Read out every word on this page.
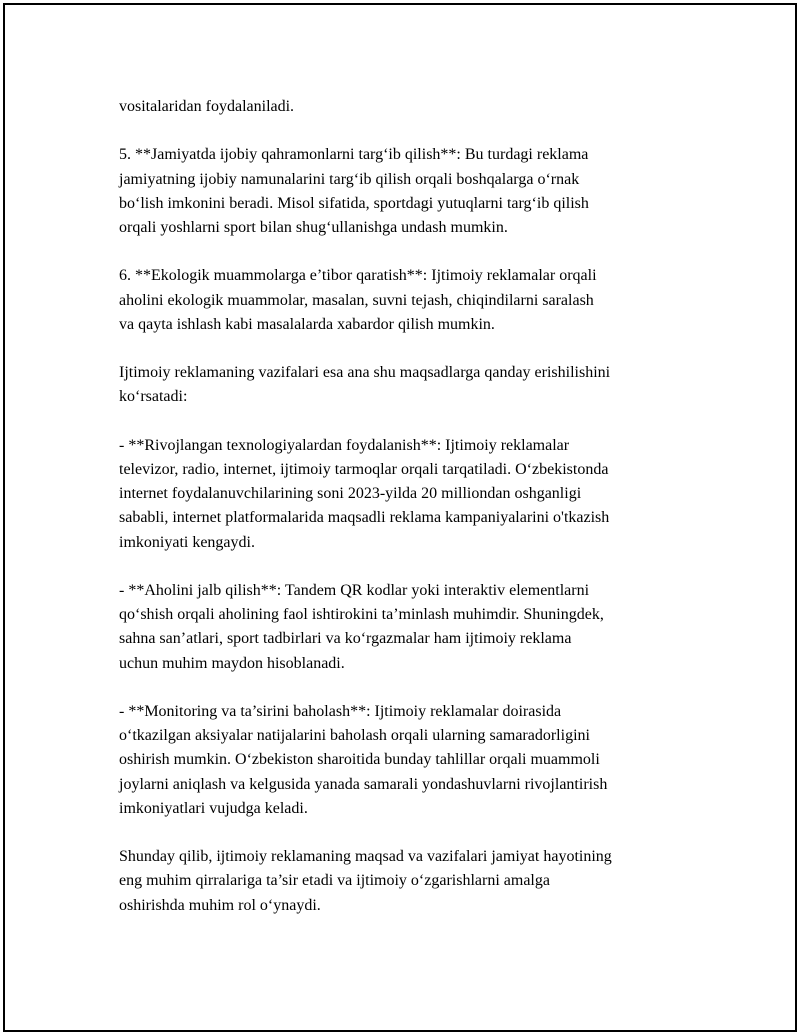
vositalaridan foydalaniladi.

5. **Jamiyatda ijobiy qahramonlarni targ‘ib qilish**: Bu turdagi reklama
jamiyatning ijobiy namunalarini targ‘ib qilish orqali boshqalarga o‘rnak
bo‘lish imkonini beradi. Misol sifatida, sportdagi yutuqlarni targ‘ib qilish
orqali yoshlarni sport bilan shug‘ullanishga undash mumkin.

6. **Ekologik muammolarga e’tibor qaratish**: Ijtimoiy reklamalar orqali
aholini ekologik muammolar, masalan, suvni tejash, chiqindilarni saralash
va qayta ishlash kabi masalalarda xabardor qilish mumkin.

Ijtimoiy reklamaning vazifalari esa ana shu maqsadlarga qanday erishilishini
ko‘rsatadi:

- **Rivojlangan texnologiyalardan foydalanish**: Ijtimoiy reklamalar
televizor, radio, internet, ijtimoiy tarmoqlar orqali tarqatiladi. O‘zbekistonda
internet foydalanuvchilarining soni 2023-yilda 20 milliondan oshganligi
sababli, internet platformalarida maqsadli reklama kampaniyalarini o'tkazish
imkoniyati kengaydi.

- **Aholini jalb qilish**: Tandem QR kodlar yoki interaktiv elementlarni
qo‘shish orqali aholining faol ishtirokini ta’minlash muhimdir. Shuningdek,
sahna san’atlari, sport tadbirlari va ko‘rgazmalar ham ijtimoiy reklama
uchun muhim maydon hisoblanadi.

- **Monitoring va ta’sirini baholash**: Ijtimoiy reklamalar doirasida
o‘tkazilgan aksiyalar natijalarini baholash orqali ularning samaradorligini
oshirish mumkin. O‘zbekiston sharoitida bunday tahlillar orqali muammoli
joylarni aniqlash va kelgusida yanada samarali yondashuvlarni rivojlantirish
imkoniyatlari vujudga keladi.

Shunday qilib, ijtimoiy reklamaning maqsad va vazifalari jamiyat hayotining
eng muhim qirralariga ta’sir etadi va ijtimoiy o‘zgarishlarni amalga
oshirishda muhim rol o‘ynaydi.
